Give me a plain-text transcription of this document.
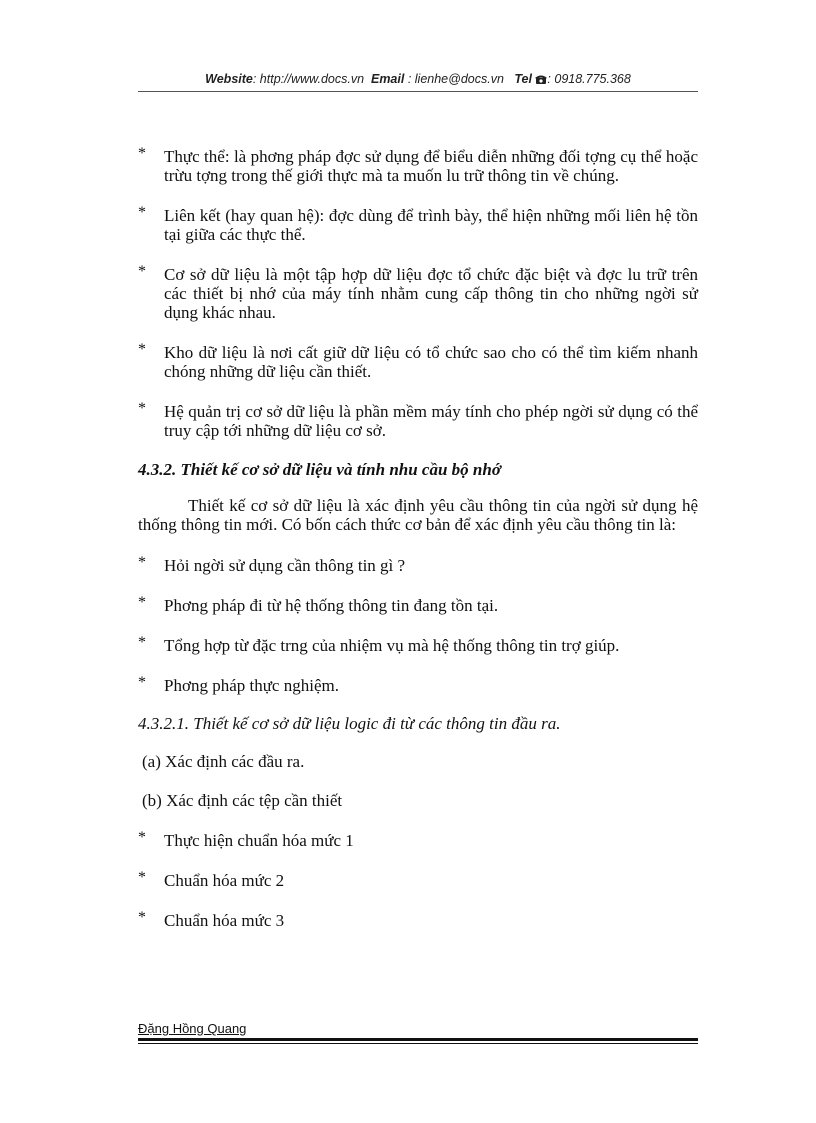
Website: http://www.docs.vn Email : lienhe@docs.vn Tel : 0918.775.368
* Thực thể: là phơng pháp đợc sử dụng để biểu diễn những đối tợng cụ thể hoặc trừu tợng trong thế giới thực mà ta muốn lu trữ thông tin về chúng.
* Liên kết (hay quan hệ): đợc dùng để trình bày, thể hiện những mối liên hệ tồn tại giữa các thực thể.
* Cơ sở dữ liệu là một tập hợp dữ liệu đợc tổ chức đặc biệt và đợc lu trữ trên các thiết bị nhớ của máy tính nhằm cung cấp thông tin cho những ngời sử dụng khác nhau.
* Kho dữ liệu là nơi cất giữ dữ liệu có tổ chức sao cho có thể tìm kiếm nhanh chóng những dữ liệu cần thiết.
* Hệ quản trị cơ sở dữ liệu là phần mềm máy tính cho phép ngời sử dụng có thể truy cập tới những dữ liệu cơ sở.
4.3.2. Thiết kế cơ sở dữ liệu và tính nhu cầu bộ nhớ
Thiết kế cơ sở dữ liệu là xác định yêu cầu thông tin của ngời sử dụng hệ thống thông tin mới. Có bốn cách thức cơ bản để xác định yêu cầu thông tin là:
* Hỏi ngời sử dụng cần thông tin gì ?
* Phơng pháp đi từ hệ thống thông tin đang tồn tại.
* Tổng hợp từ đặc trng của nhiệm vụ mà hệ thống thông tin trợ giúp.
* Phơng pháp thực nghiệm.
4.3.2.1. Thiết kế cơ sở dữ liệu logic đi từ các thông tin đầu ra.
(a) Xác định các đầu ra.
(b) Xác định các tệp cần thiết
* Thực hiện chuẩn hóa mức 1
* Chuẩn hóa mức 2
* Chuẩn hóa mức 3
Đặng Hồng Quang
